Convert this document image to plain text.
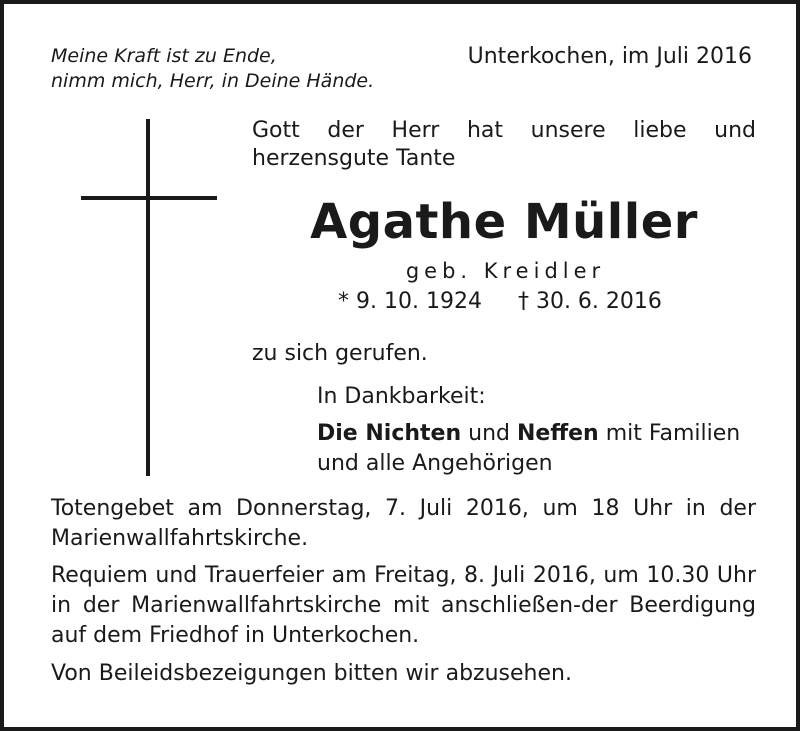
Meine Kraft ist zu Ende,
nimm mich, Herr, in Deine Hände.
Unterkochen, im Juli 2016
Gott der Herr hat unsere liebe und herzensgute Tante
Agathe Müller
geb. Kreidler
* 9. 10. 1924 † 30. 6. 2016
zu sich gerufen.
In Dankbarkeit:
Die Nichten und Neffen mit Familien
und alle Angehörigen
Totengebet am Donnerstag, 7. Juli 2016, um 18 Uhr in der Marienwallfahrtskirche.
Requiem und Trauerfeier am Freitag, 8. Juli 2016, um 10.30 Uhr in der Marienwallfahrtskirche mit anschließen-der Beerdigung auf dem Friedhof in Unterkochen.
Von Beileidsbezeigungen bitten wir abzusehen.
